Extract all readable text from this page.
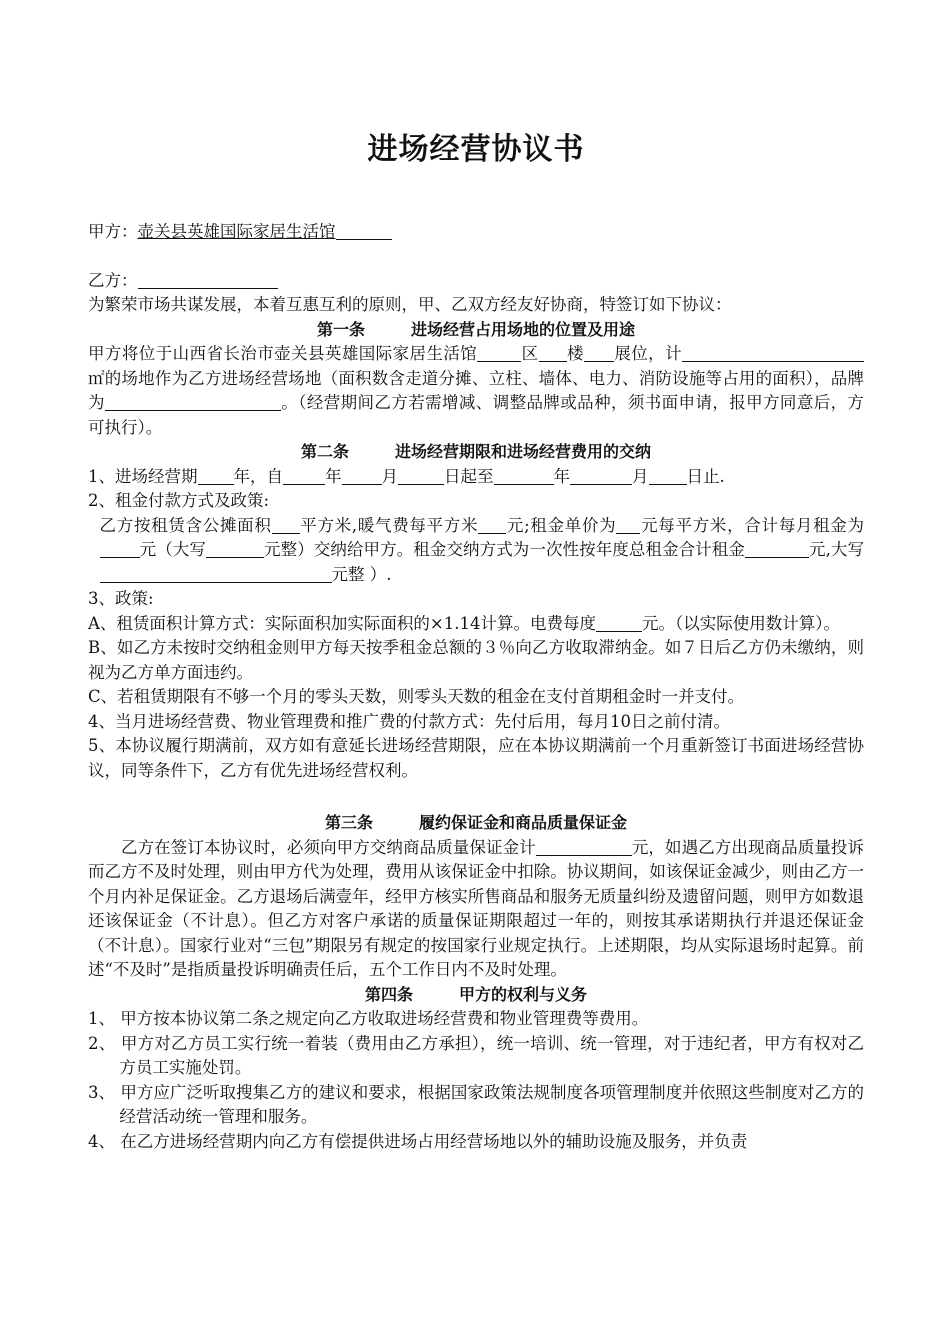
进场经营协议书

甲方：壶关县英雄国际家居生活馆

乙方：

为繁荣市场共谋发展，本着互惠互利的原则，甲、乙双方经友好协商，特签订如下协议：

第一条	进场经营占用场地的位置及用途

甲方将位于山西省长治市壶关县英雄国际家居生活馆	区 楼 展位，计㎡的场地作为乙方进场经营场地（面积数含走道分摊、立柱、墙体、电力、消防设施等占用的面积），品牌为	。（经营期间乙方若需增减、调整品牌或品种，须书面申请，报甲方同意后，方可执行）。

第二条	进场经营期限和进场经营费用的交纳

1、进场经营期 年，自	年 月	日起至	年	月 日止.

2、租金付款方式及政策:

乙方按租赁含公摊面积 平方米,暖气费每平方米 元;租金单价为 元每平方米，合计每月租金为元（大写	元整）交纳给甲方。租金交纳方式为一次性按年度总租金合计租金	元,大写元整 ）.

3、政策:

A、租赁面积计算方式：实际面积加实际面积的×1.14计算。电费每度	元。（以实际使用数计算）。

B、如乙方未按时交纳租金则甲方每天按季租金总额的３％向乙方收取滞纳金。如７日后乙方仍未缴纳，则视为乙方单方面违约。

C、若租赁期限有不够一个月的零头天数，则零头天数的租金在支付首期租金时一并支付。

4、当月进场经营费、物业管理费和推广费的付款方式：先付后用，每月10日之前付清。

5、本协议履行期满前，双方如有意延长进场经营期限，应在本协议期满前一个月重新签订书面进场经营协议，同等条件下，乙方有优先进场经营权利。

第三条	履约保证金和商品质量保证金

乙方在签订本协议时，必须向甲方交纳商品质量保证金计	元，如遇乙方出现商品质量投诉而乙方不及时处理，则由甲方代为处理，费用从该保证金中扣除。协议期间，如该保证金减少，则由乙方一个月内补足保证金。乙方退场后满壹年，经甲方核实所售商品和服务无质量纠纷及遗留问题，则甲方如数退还该保证金（不计息）。但乙方对客户承诺的质量保证期限超过一年的，则按其承诺期执行并退还保证金（不计息）。国家行业对“三包”期限另有规定的按国家行业规定执行。上述期限，均从实际退场时起算。前述“不及时”是指质量投诉明确责任后，五个工作日内不及时处理。

第四条	甲方的权利与义务

1、 甲方按本协议第二条之规定向乙方收取进场经营费和物业管理费等费用。

2、 甲方对乙方员工实行统一着装（费用由乙方承担），统一培训、统一管理，对于违纪者，甲方有权对乙方员工实施处罚。

3、 甲方应广泛听取搜集乙方的建议和要求，根据国家政策法规制度各项管理制度并依照这些制度对乙方的经营活动统一管理和服务。

4、 在乙方进场经营期内向乙方有偿提供进场占用经营场地以外的辅助设施及服务，并负责
